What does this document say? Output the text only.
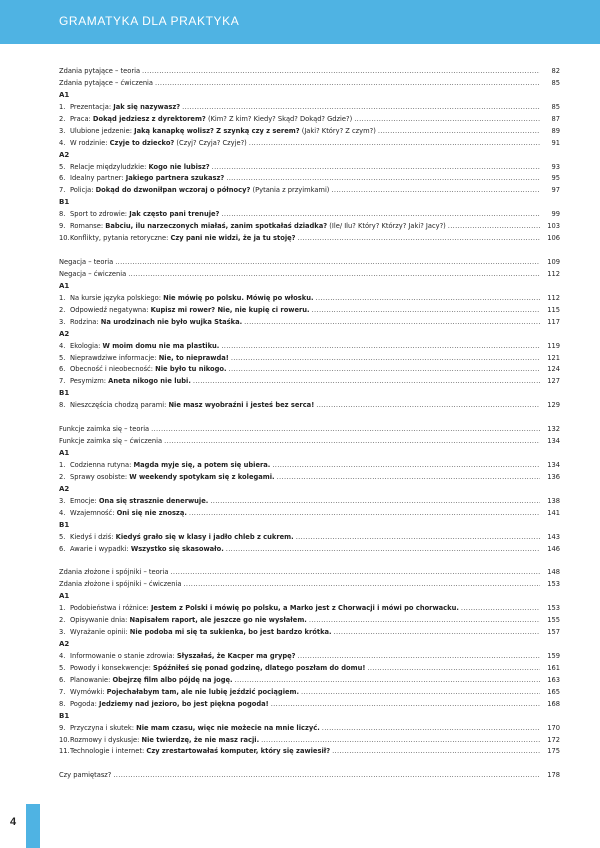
GRAMATYKA DLA PRAKTYKA
Zdania pytające – teoria . . .	82
Zdania pytające – ćwiczenia . . .	85
A1
1. Prezentacja: Jak się nazywasz? . . .	85
2. Praca: Dokąd jedziesz z dyrektorem? (Kim? Z kim? Kiedy? Skąd? Dokąd? Gdzie?) . . .	87
3. Ulubione jedzenie: Jaką kanapkę wolisz? Z szynką czy z serem? (Jaki? Który? Z czym?) . . .	89
4. W rodzinie: Czyje to dziecko? (Czyj? Czyja? Czyje?) . . .	91
A2
5. Relacje międzyludzkie: Kogo nie lubisz? . . .	93
6. Idealny partner: Jakiego partnera szukasz? . . .	95
7. Policja: Dokąd do dzwoniłpan wczoraj o północy? (Pytania z przyimkami) . . .	97
B1
8. Sport to zdrowie: Jak często pani trenuje? . . .	99
9. Romanse: Babciu, ilu narzeczonych miałaś, zanim spotkałaś dziadka? (Ile/ Ilu? Który? Którzy? Jaki? Jacy?) . . .	103
10. Konflikty, pytania retoryczne: Czy pani nie widzi, że ja tu stoję? . . .	106
Negacja – teoria . . .	109
Negacja – ćwiczenia . . .	112
A1
1. Na kursie języka polskiego: Nie mówię po polsku. Mówię po włosku. . . .	112
2. Odpowiedź negatywna: Kupisz mi rower? Nie, nie kupię ci roweru. . . .	115
3. Rodzina: Na urodzinach nie było wujka Staśka. . . .	117
A2
4. Ekologia: W moim domu nie ma plastiku. . . .	119
5. Nieprawdziwe informacje: Nie, to nieprawda! . . .	121
6. Obecność i nieobecność: Nie było tu nikogo. . . .	124
7. Pesymizm: Aneta nikogo nie lubi. . . .	127
B1
8. Nieszczęścia chodzą parami: Nie masz wyobraźni i jesteś bez serca! . . .	129
Funkcje zaimka się – teoria . . .	132
Funkcje zaimka się – ćwiczenia . . .	134
A1
1. Codzienna rutyna: Magda myje się, a potem się ubiera. . . .	134
2. Sprawy osobiste: W weekendy spotykam się z kolegami. . . .	136
A2
3. Emocje: Ona się strasznie denerwuje. . . .	138
4. Wzajemność: Oni się nie znoszą. . . .	141
B1
5. Kiedyś i dziś: Kiedyś grało się w klasy i jadło chleb z cukrem. . . .	143
6. Awarie i wypadki: Wszystko się skasowało. . . .	146
Zdania złożone i spójniki – teoria . . .	148
Zdania złożone i spójniki – ćwiczenia . . .	153
A1
1. Podobieństwa i różnice: Jestem z Polski i mówię po polsku, a Marko jest z Chorwacji i mówi po chorwacku. . . .	153
2. Opisywanie dnia: Napisałem raport, ale jeszcze go nie wysłałem. . . .	155
3. Wyrażanie opinii: Nie podoba mi się ta sukienka, bo jest bardzo krótka. . . .	157
A2
4. Informowanie o stanie zdrowia: Słyszałaś, że Kacper ma grypę? . . .	159
5. Powody i konsekwencje: Spóźniłeś się ponad godzinę, dlatego poszłam do domu! . . .	161
6. Planowanie: Obejrzę film albo pójdę na jogę. . . .	163
7. Wymówki: Pojechałabym tam, ale nie lubię jeździć pociągiem. . . .	165
8. Pogoda: Jedziemy nad jezioro, bo jest piękna pogoda! . . .	168
B1
9. Przyczyna i skutek: Nie mam czasu, więc nie możecie na mnie liczyć. . . .	170
10. Rozmowy i dyskusje: Nie twierdzę, że nie masz racji. . . .	172
11. Technologie i internet: Czy zrestartowałaś komputer, który się zawiesił? . . .	175
Czy pamiętasz? . . .	178
4
